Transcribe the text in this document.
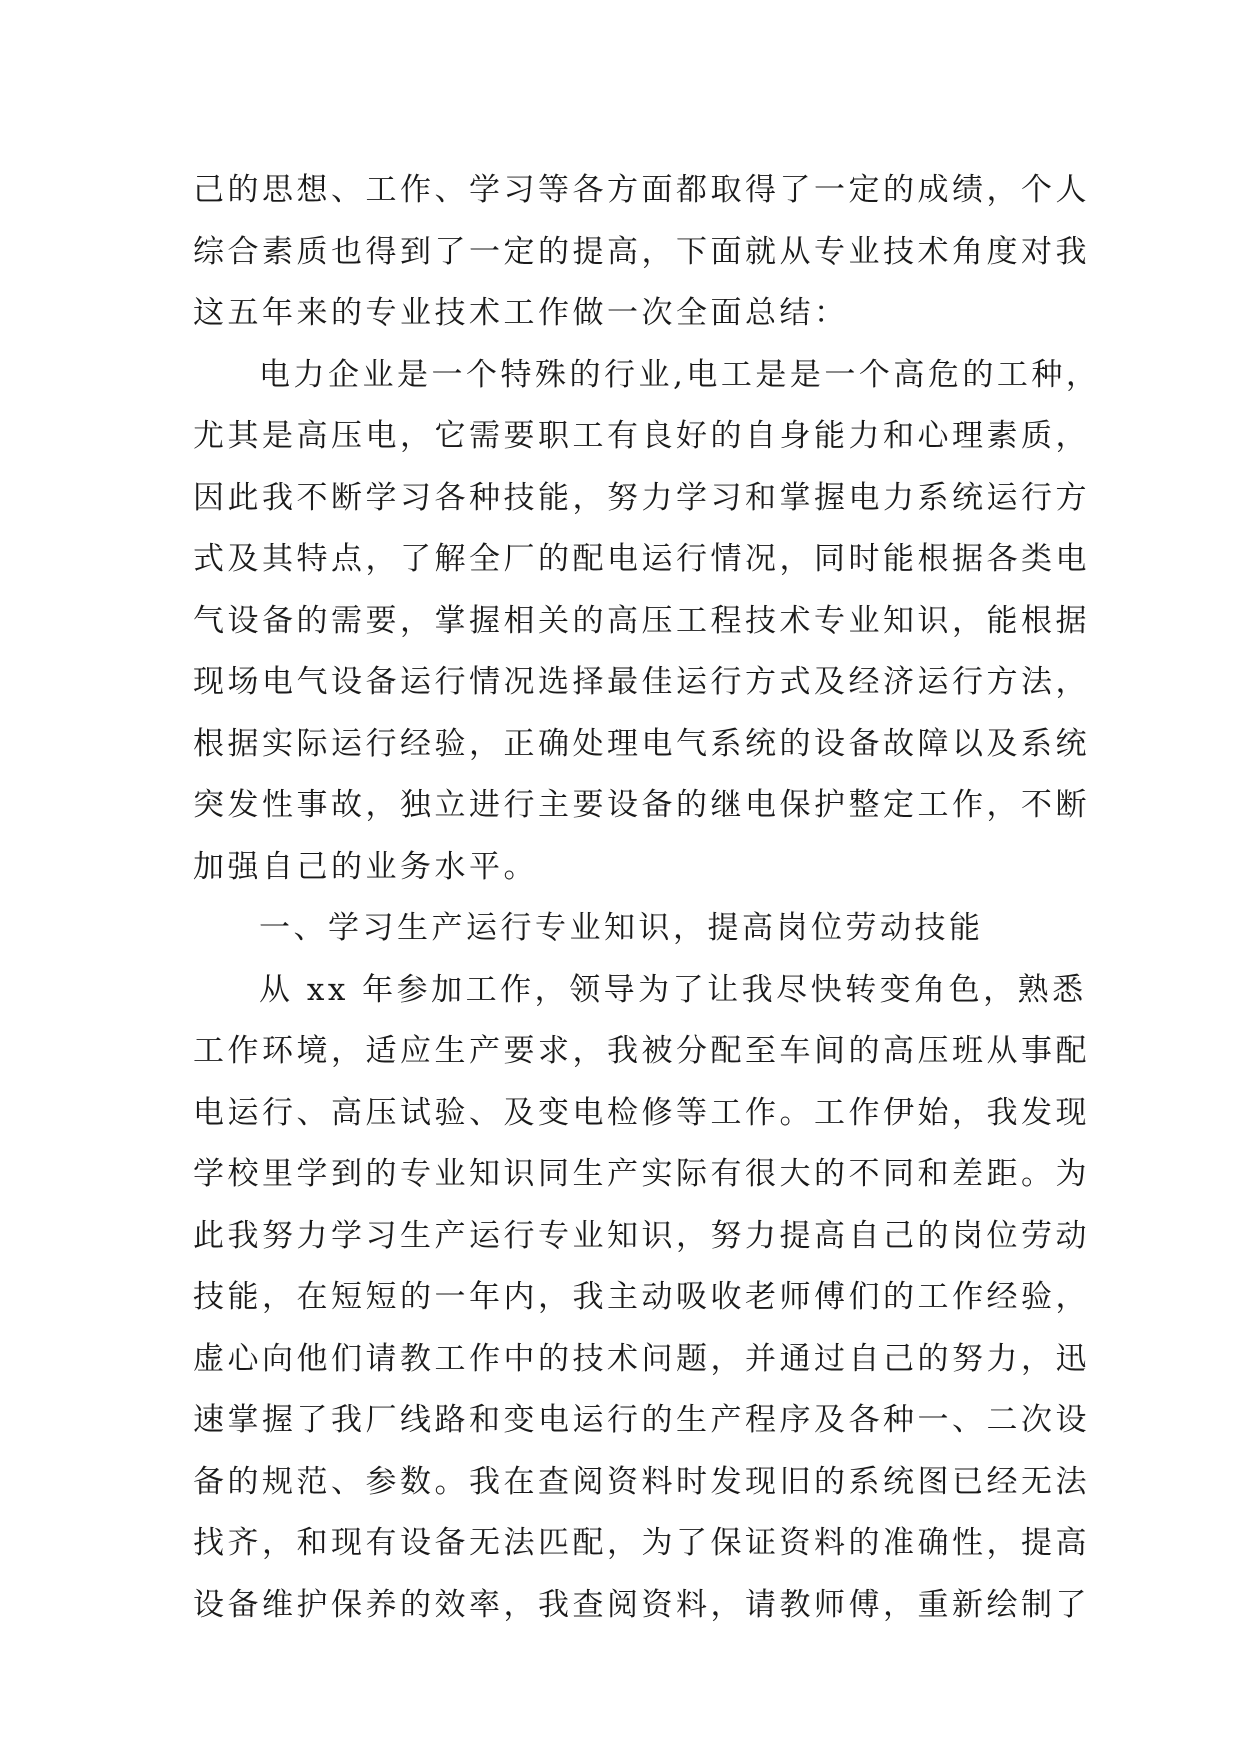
己的思想、工作、学习等各方面都取得了一定的成绩，个人
综合素质也得到了一定的提高，下面就从专业技术角度对我
这五年来的专业技术工作做一次全面总结：
电力企业是一个特殊的行业,电工是是一个高危的工种，
尤其是高压电，它需要职工有良好的自身能力和心理素质，
因此我不断学习各种技能，努力学习和掌握电力系统运行方
式及其特点，了解全厂的配电运行情况，同时能根据各类电
气设备的需要，掌握相关的高压工程技术专业知识，能根据
现场电气设备运行情况选择最佳运行方式及经济运行方法，
根据实际运行经验，正确处理电气系统的设备故障以及系统
突发性事故，独立进行主要设备的继电保护整定工作，不断
加强自己的业务水平。
一、学习生产运行专业知识，提高岗位劳动技能
从 xx 年参加工作，领导为了让我尽快转变角色，熟悉
工作环境，适应生产要求，我被分配至车间的高压班从事配
电运行、高压试验、及变电检修等工作。工作伊始，我发现
学校里学到的专业知识同生产实际有很大的不同和差距。为
此我努力学习生产运行专业知识，努力提高自己的岗位劳动
技能，在短短的一年内，我主动吸收老师傅们的工作经验，
虚心向他们请教工作中的技术问题，并通过自己的努力，迅
速掌握了我厂线路和变电运行的生产程序及各种一、二次设
备的规范、参数。我在查阅资料时发现旧的系统图已经无法
找齐，和现有设备无法匹配，为了保证资料的准确性，提高
设备维护保养的效率，我查阅资料，请教师傅，重新绘制了
